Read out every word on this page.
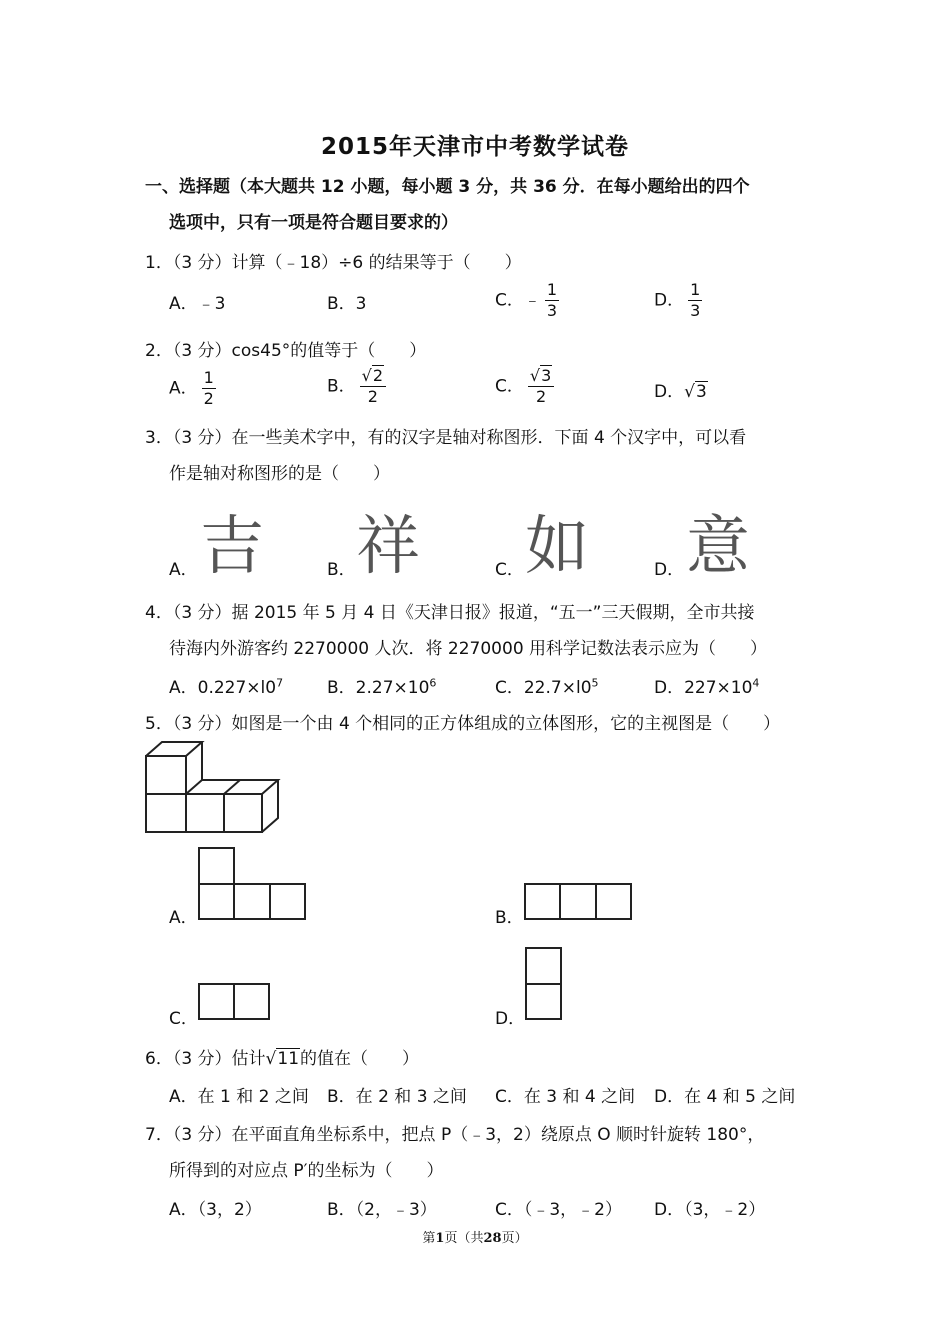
2015年天津市中考数学试卷
一、选择题（本大题共 12 小题，每小题 3 分，共 36 分．在每小题给出的四个
选项中，只有一项是符合题目要求的）
1．（3 分）计算（﹣18）÷6 的结果等于（　　）
A．﹣3	B．3	C．﹣ $\frac{1}{3}$	D． $\frac{1}{3}$
2．（3 分）cos45°的值等于（　　）
A． $\frac{1}{2}$	B． $\frac{√2}{2}$	C． $\frac{√3}{2}$	D．√3
3．（3 分）在一些美术字中，有的汉字是轴对称图形．下面 4 个汉字中，可以看
作是轴对称图形的是（　　）
A． 吉	B． 祥	C． 如	D． 意
4．（3 分）据 2015 年 5 月 4 日《天津日报》报道，“五一”三天假期，全市共接
待海内外游客约 2270000 人次．将 2270000 用科学记数法表示应为（　　）
A．$0.227\times l0^7$	B．$2.27\times 10^6$	C．$22.7\times l0^5$	D．$227\times 10^4$
5．（3 分）如图是一个由 4 个相同的正方体组成的立体图形，它的主视图是（　　）
A．	B．
C．	D．
6．（3 分）估计√11的值在（　　）
A．在 1 和 2 之间 B．在 2 和 3 之间 C．在 3 和 4 之间 D．在 4 和 5 之间
7．（3 分）在平面直角坐标系中，把点 P（﹣3，2）绕原点 O 顺时针旋转 180°，
所得到的对应点 P′的坐标为（　　）
A．（3，2）	B．（2，﹣3）	C．（﹣3，﹣2） D．（3，﹣2）
第1页（共28页）
